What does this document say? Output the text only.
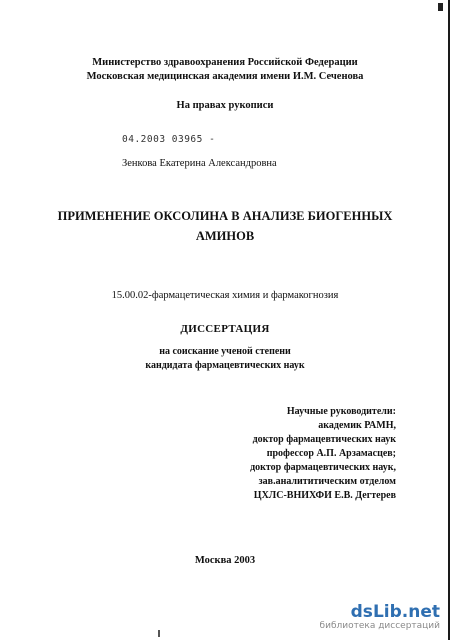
Министерство здравоохранения Российской Федерации
Московская медицинская академия имени И.М. Сеченова
На правах рукописи
04.2003 03965 -
Зенкова Екатерина Александровна
ПРИМЕНЕНИЕ ОКСОЛИНА В АНАЛИЗЕ БИОГЕННЫХ
АМИНОВ
15.00.02-фармацетическая химия и фармакогнозия
ДИССЕРТАЦИЯ
на соискание ученой степени
кандидата фармацевтических наук
Научные руководители:
академик РАМН,
доктор фармацевтических наук
профессор А.П. Арзамасцев;
доктор фармацевтических наук,
зав.аналититическим отделом
ЦХЛС-ВНИХФИ Е.В. Дегтерев
Москва 2003
dsLib.net
библиотека диссертаций
